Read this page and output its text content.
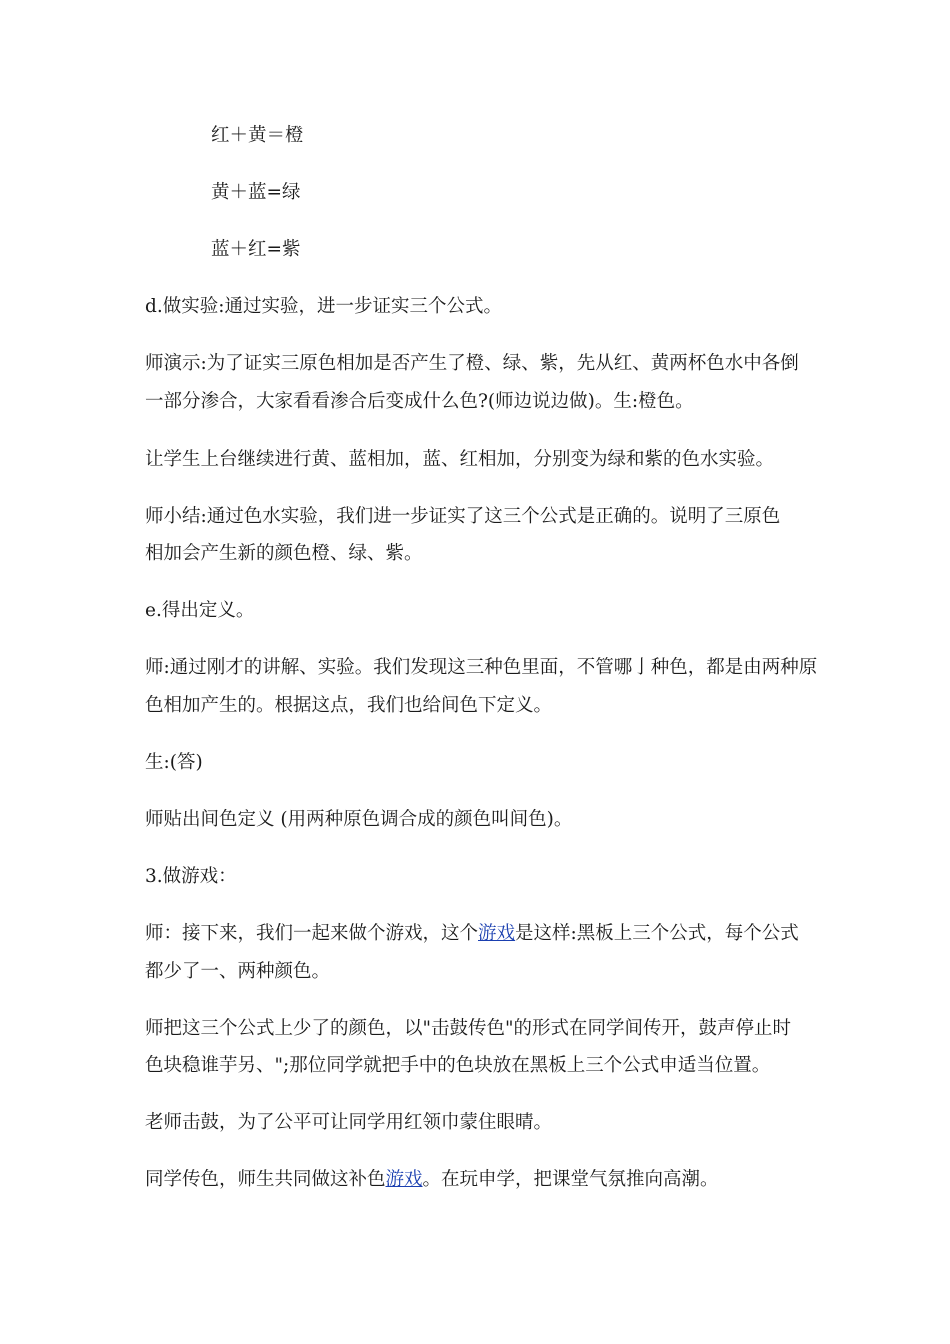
红＋黄＝橙
黄＋蓝=绿
蓝＋红=紫
d.做实验:通过实验，进一步证实三个公式。
师演示:为了证实三原色相加是否产生了橙、绿、紫，先从红、黄两杯色水中各倒
一部分渗合，大家看看渗合后变成什么色?(师边说边做)。生:橙色。
让学生上台继续进行黄、蓝相加，蓝、红相加，分别变为绿和紫的色水实验。
师小结:通过色水实验，我们进一步证实了这三个公式是正确的。说明了三原色
相加会产生新的颜色橙、绿、紫。
e.得出定义。
师:通过刚才的讲解、实验。我们发现这三种色里面，不管哪亅种色，都是由两种原
色相加产生的。根据这点，我们也给间色下定义。
生:(答)
师贴出间色定义 (用两种原色调合成的颜色叫间色)。
3.做游戏：
师：接下来，我们一起来做个游戏，这个游戏是这样:黑板上三个公式，每个公式
都少了一、两种颜色。
师把这三个公式上少了的颜色，以"击鼓传色"的形式在同学间传开，鼓声停止时
色块稳谁芋另、";那位同学就把手中的色块放在黑板上三个公式申适当位置。
老师击鼓，为了公平可让同学用红领巾蒙住眼晴。
同学传色，师生共同做这补色游戏。在玩申学，把课堂气氛推向高潮。
